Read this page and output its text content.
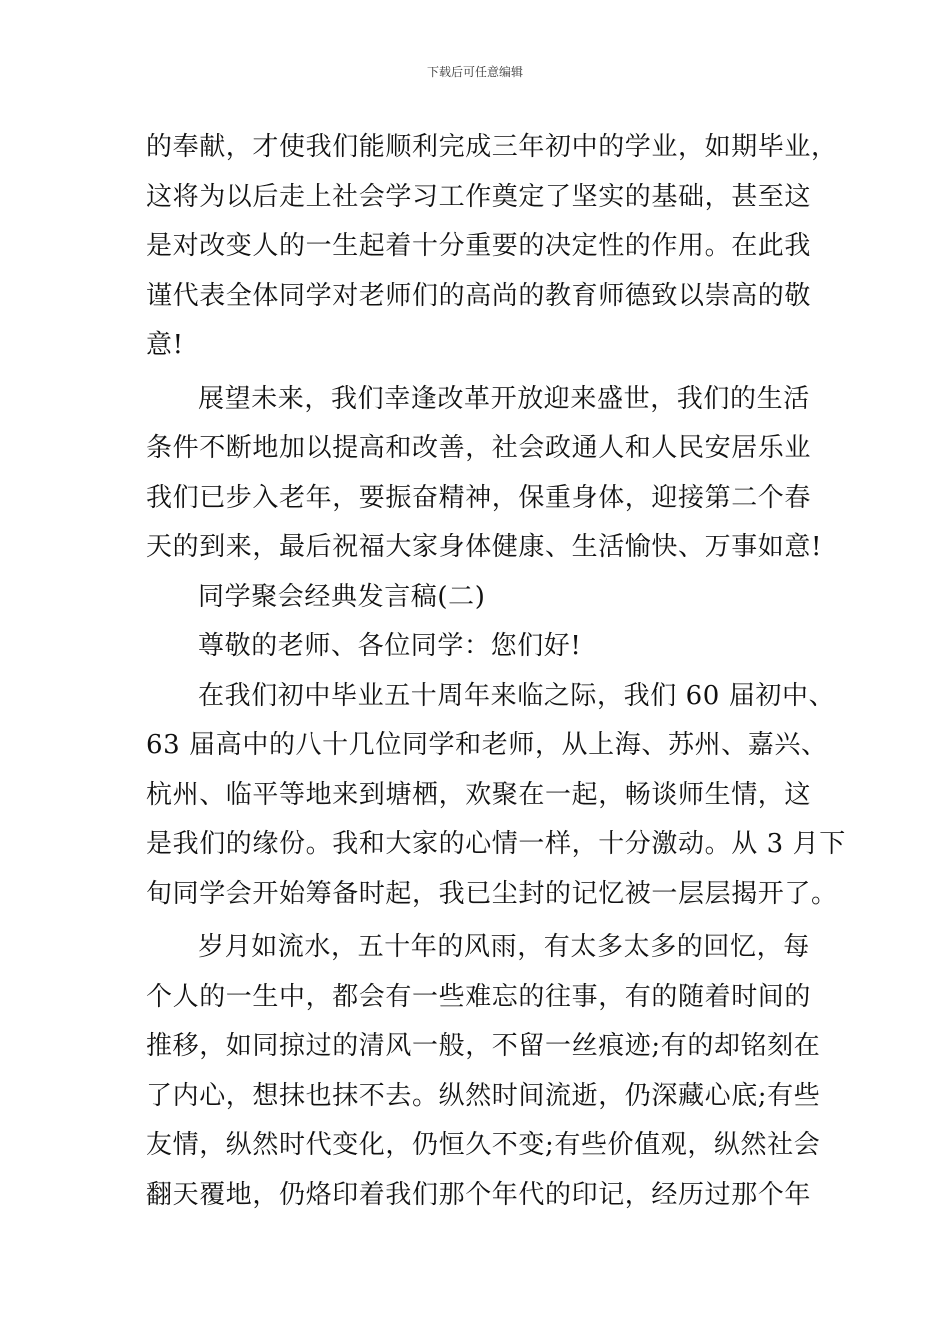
下载后可任意编辑

的奉献，才使我们能顺利完成三年初中的学业，如期毕业，

这将为以后走上社会学习工作奠定了坚实的基础，甚至这

是对改变人的一生起着十分重要的决定性的作用。在此我

谨代表全体同学对老师们的高尚的教育师德致以崇高的敬

意!

展望未来，我们幸逢改革开放迎来盛世，我们的生活

条件不断地加以提高和改善，社会政通人和人民安居乐业

我们已步入老年，要振奋精神，保重身体，迎接第二个春

天的到来，最后祝福大家身体健康、生活愉快、万事如意!

同学聚会经典发言稿(二)

尊敬的老师、各位同学：您们好!

在我们初中毕业五十周年来临之际，我们 60 届初中、

63 届高中的八十几位同学和老师，从上海、苏州、嘉兴、

杭州、临平等地来到塘栖，欢聚在一起，畅谈师生情，这

是我们的缘份。我和大家的心情一样，十分激动。从 3 月下

旬同学会开始筹备时起，我已尘封的记忆被一层层揭开了。

岁月如流水，五十年的风雨，有太多太多的回忆，每

个人的一生中，都会有一些难忘的往事，有的随着时间的

推移，如同掠过的清风一般，不留一丝痕迹;有的却铭刻在

了内心，想抹也抹不去。纵然时间流逝，仍深藏心底;有些

友情，纵然时代变化，仍恒久不变;有些价值观，纵然社会

翻天覆地，仍烙印着我们那个年代的印记，经历过那个年
